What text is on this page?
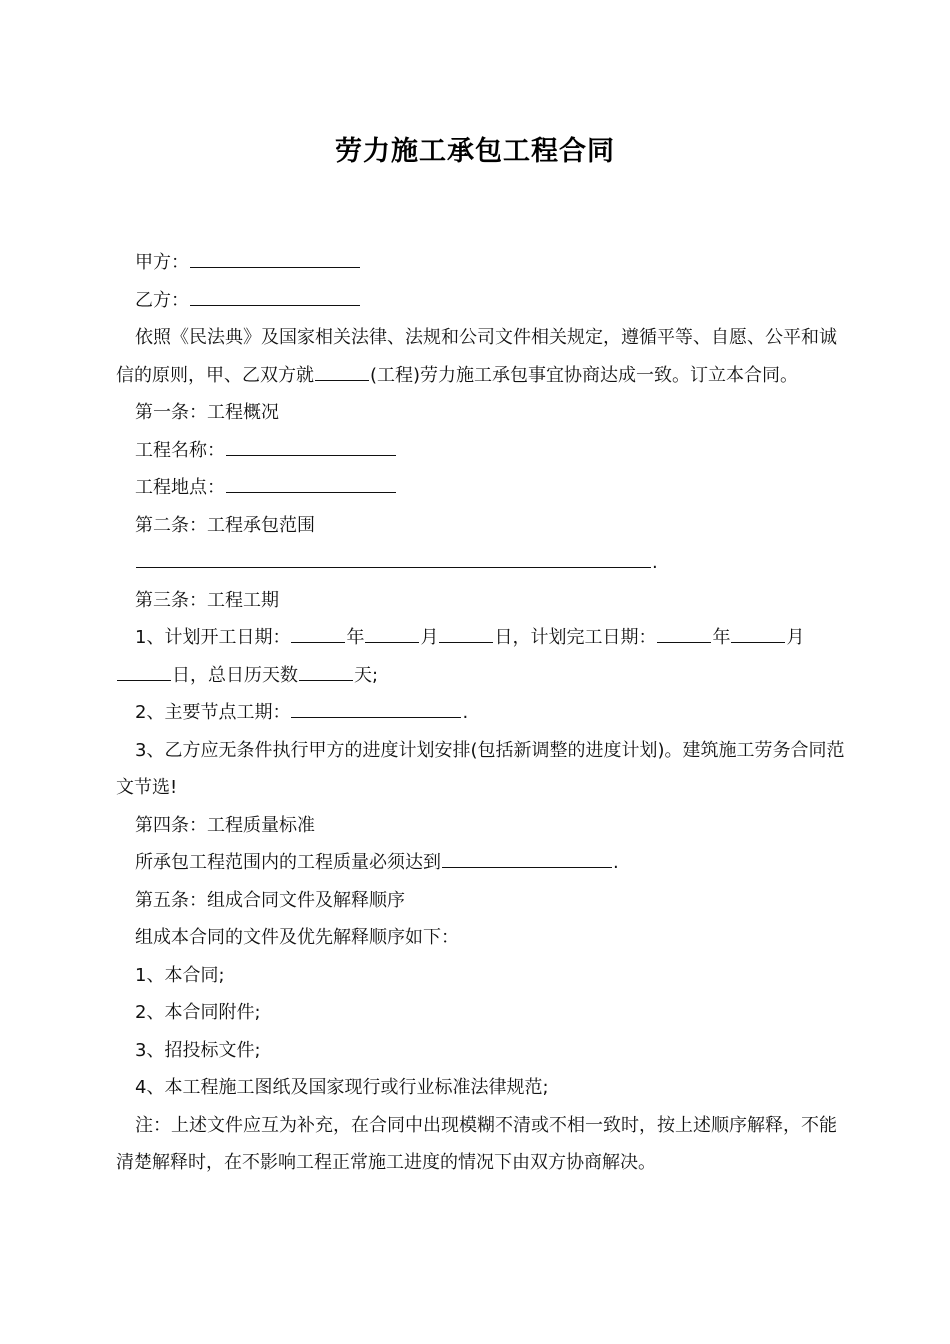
劳力施工承包工程合同

甲方：

乙方：

依照《民法典》及国家相关法律、法规和公司文件相关规定，遵循平等、自愿、公平和诚信的原则，甲、乙双方就	(工程)劳力施工承包事宜协商达成一致。订立本合同。

第一条：工程概况

工程名称：

工程地点：

第二条：工程承包范围

.

第三条：工程工期

1、计划开工日期：	年	月	日，计划完工日期：	年	月日，总日历天数	天;

2、主要节点工期：	.

3、乙方应无条件执行甲方的进度计划安排(包括新调整的进度计划)。建筑施工劳务合同范文节选!

第四条：工程质量标准

所承包工程范围内的工程质量必须达到	.

第五条：组成合同文件及解释顺序

组成本合同的文件及优先解释顺序如下：

1、本合同;

2、本合同附件;

3、招投标文件;

4、本工程施工图纸及国家现行或行业标准法律规范;

注：上述文件应互为补充，在合同中出现模糊不清或不相一致时，按上述顺序解释，不能清楚解释时，在不影响工程正常施工进度的情况下由双方协商解决。
